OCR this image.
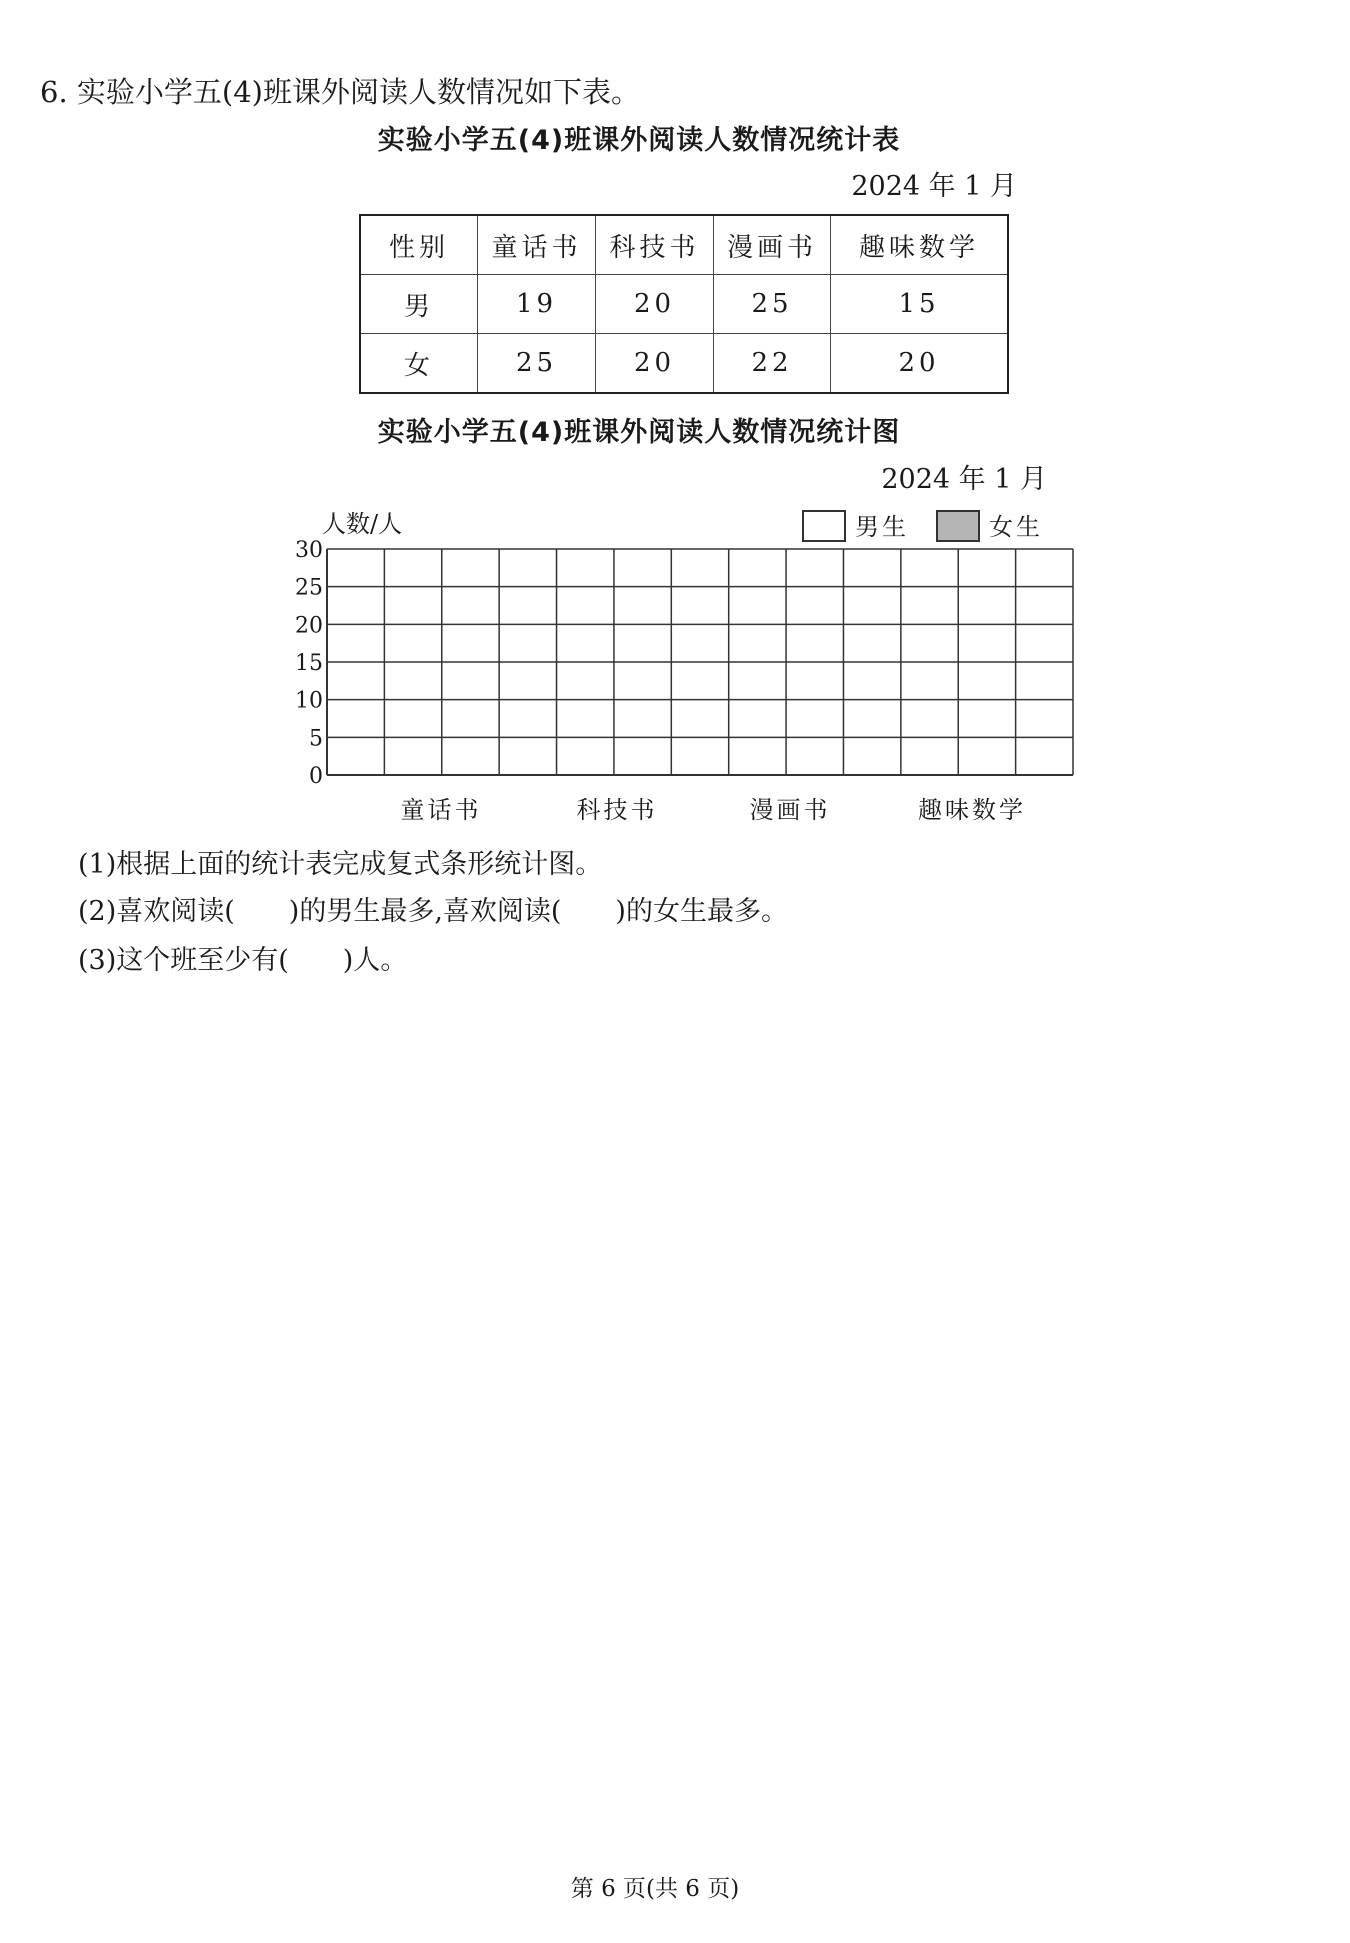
6. 实验小学五(4)班课外阅读人数情况如下表。
实验小学五(4)班课外阅读人数情况统计表
2024 年 1 月
性别	童话书	科技书	漫画书	趣味数学
男	19	20	25	15
女	25	20	22	20
实验小学五(4)班课外阅读人数情况统计图
2024 年 1 月
30
25
20
15
10
5
0
人数/人
童话书	科技书	漫画书	趣味数学
男生	女生
(1)根据上面的统计表完成复式条形统计图。
(2)喜欢阅读(　　)的男生最多,喜欢阅读(　　)的女生最多。
(3)这个班至少有(　　)人。
第 6 页(共 6 页)
